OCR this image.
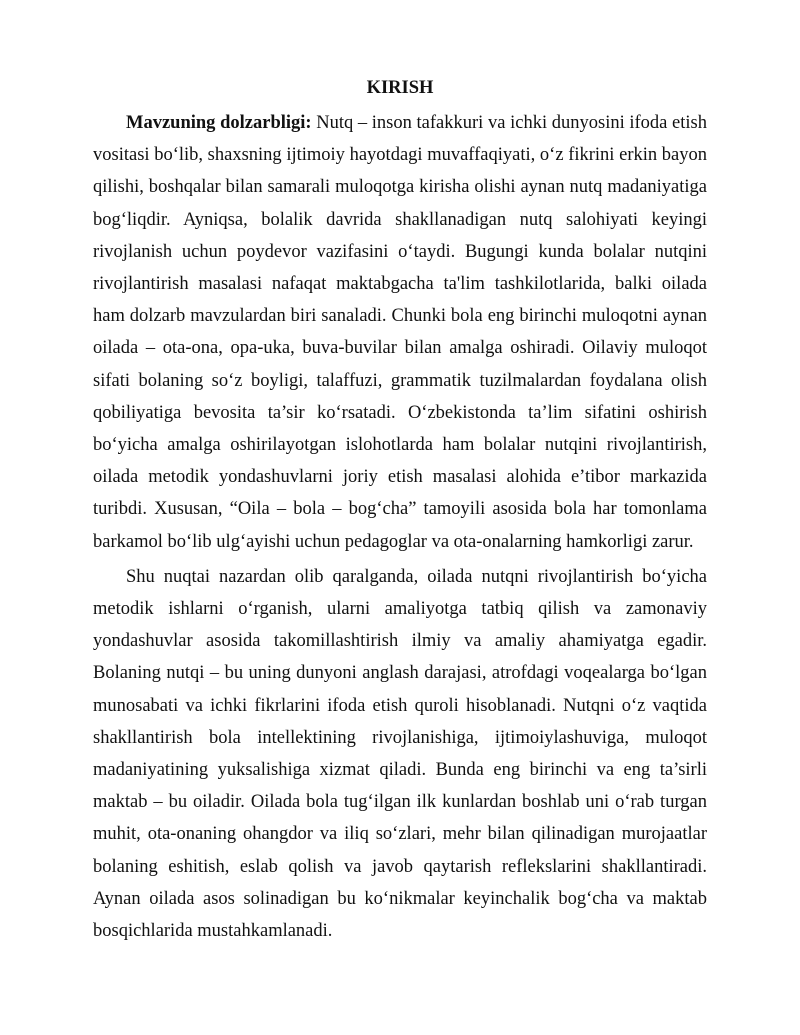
KIRISH

Mavzuning dolzarbligi: Nutq – inson tafakkuri va ichki dunyosini ifoda etish vositasi bo‘lib, shaxsning ijtimoiy hayotdagi muvaffaqiyati, o‘z fikrini erkin bayon qilishi, boshqalar bilan samarali muloqotga kirisha olishi aynan nutq madaniyatiga bog‘liqdir. Ayniqsa, bolalik davrida shakllanadigan nutq salohiyati keyingi rivojlanish uchun poydevor vazifasini o‘taydi. Bugungi kunda bolalar nutqini rivojlantirish masalasi nafaqat maktabgacha ta'lim tashkilotlarida, balki oilada ham dolzarb mavzulardan biri sanaladi. Chunki bola eng birinchi muloqotni aynan oilada – ota-ona, opa-uka, buva-buvilar bilan amalga oshiradi. Oilaviy muloqot sifati bolaning so‘z boyligi, talaffuzi, grammatik tuzilmalardan foydalana olish qobiliyatiga bevosita ta’sir ko‘rsatadi. O‘zbekistonda ta’lim sifatini oshirish bo‘yicha amalga oshirilayotgan islohotlarda ham bolalar nutqini rivojlantirish, oilada metodik yondashuvlarni joriy etish masalasi alohida e’tibor markazida turibdi. Xususan, “Oila – bola – bog‘cha” tamoyili asosida bola har tomonlama barkamol bo‘lib ulg‘ayishi uchun pedagoglar va ota-onalarning hamkorligi zarur.

Shu nuqtai nazardan olib qaralganda, oilada nutqni rivojlantirish bo‘yicha metodik ishlarni o‘rganish, ularni amaliyotga tatbiq qilish va zamonaviy yondashuvlar asosida takomillashtirish ilmiy va amaliy ahamiyatga egadir. Bolaning nutqi – bu uning dunyoni anglash darajasi, atrofdagi voqealarga bo‘lgan munosabati va ichki fikrlarini ifoda etish quroli hisoblanadi. Nutqni o‘z vaqtida shakllantirish bola intellektining rivojlanishiga, ijtimoiylashuviga, muloqot madaniyatining yuksalishiga xizmat qiladi. Bunda eng birinchi va eng ta’sirli maktab – bu oiladir. Oilada bola tug‘ilgan ilk kunlardan boshlab uni o‘rab turgan muhit, ota-onaning ohangdor va iliq so‘zlari, mehr bilan qilinadigan murojaatlar bolaning eshitish, eslab qolish va javob qaytarish reflekslarini shakllantiradi. Aynan oilada asos solinadigan bu ko‘nikmalar keyinchalik bog‘cha va maktab bosqichlarida mustahkamlanadi.
